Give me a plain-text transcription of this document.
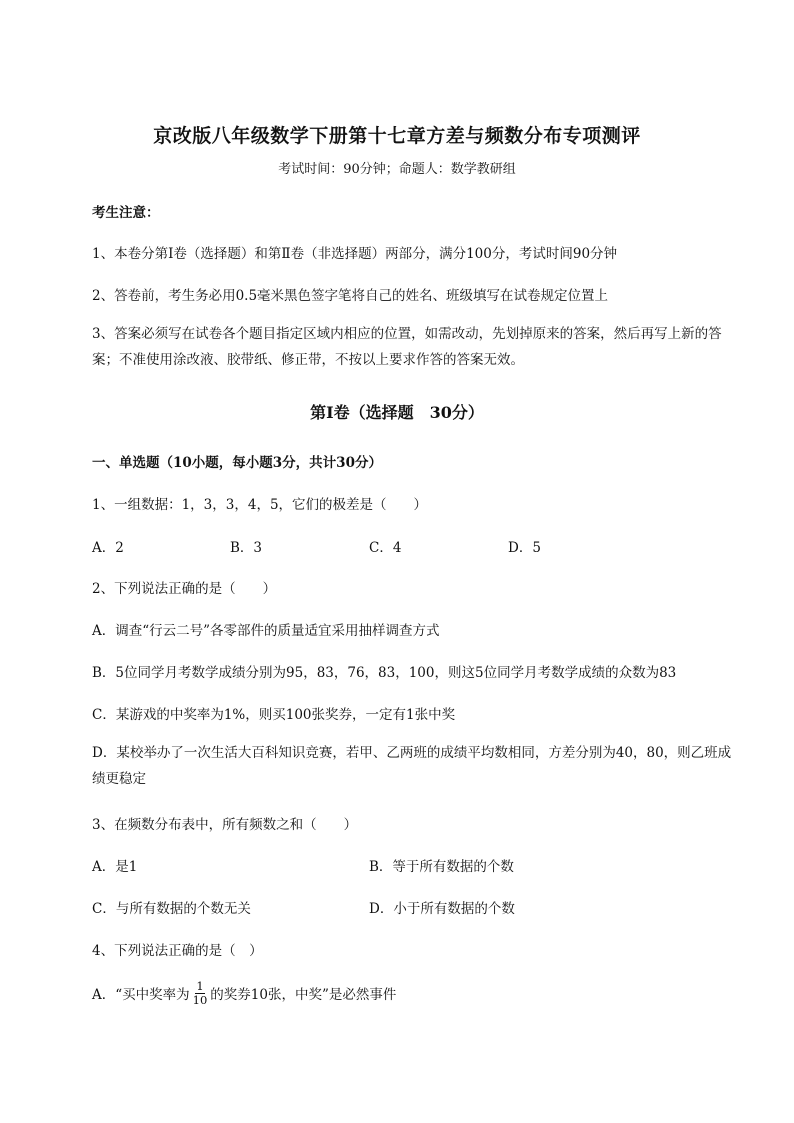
京改版八年级数学下册第十七章方差与频数分布专项测评
考试时间：90分钟；命题人：数学教研组
考生注意：
1、本卷分第I卷（选择题）和第Ⅱ卷（非选择题）两部分，满分100分，考试时间90分钟
2、答卷前，考生务必用0.5毫米黑色签字笔将自己的姓名、班级填写在试卷规定位置上
3、答案必须写在试卷各个题目指定区域内相应的位置，如需改动，先划掉原来的答案，然后再写上新的答案；不准使用涂改液、胶带纸、修正带，不按以上要求作答的答案无效。
第I卷（选择题　30分）
一、单选题（10小题，每小题3分，共计30分）
1、一组数据：1，3，3，4，5，它们的极差是（　　）
A．2	B．3	C．4	D．5
2、下列说法正确的是（　　）
A．调查“行云二号”各零部件的质量适宜采用抽样调查方式
B．5位同学月考数学成绩分别为95，83，76，83，100，则这5位同学月考数学成绩的众数为83
C．某游戏的中奖率为1%，则买100张奖券，一定有1张中奖
D．某校举办了一次生活大百科知识竞赛，若甲、乙两班的成绩平均数相同，方差分别为40，80，则乙班成绩更稳定
3、在频数分布表中，所有频数之和（　　）
A．是1	B．等于所有数据的个数
C．与所有数据的个数无关	D．小于所有数据的个数
4、下列说法正确的是（　）
A．“买中奖率为 $\frac{1}{10}$ 的奖券10张，中奖”是必然事件
